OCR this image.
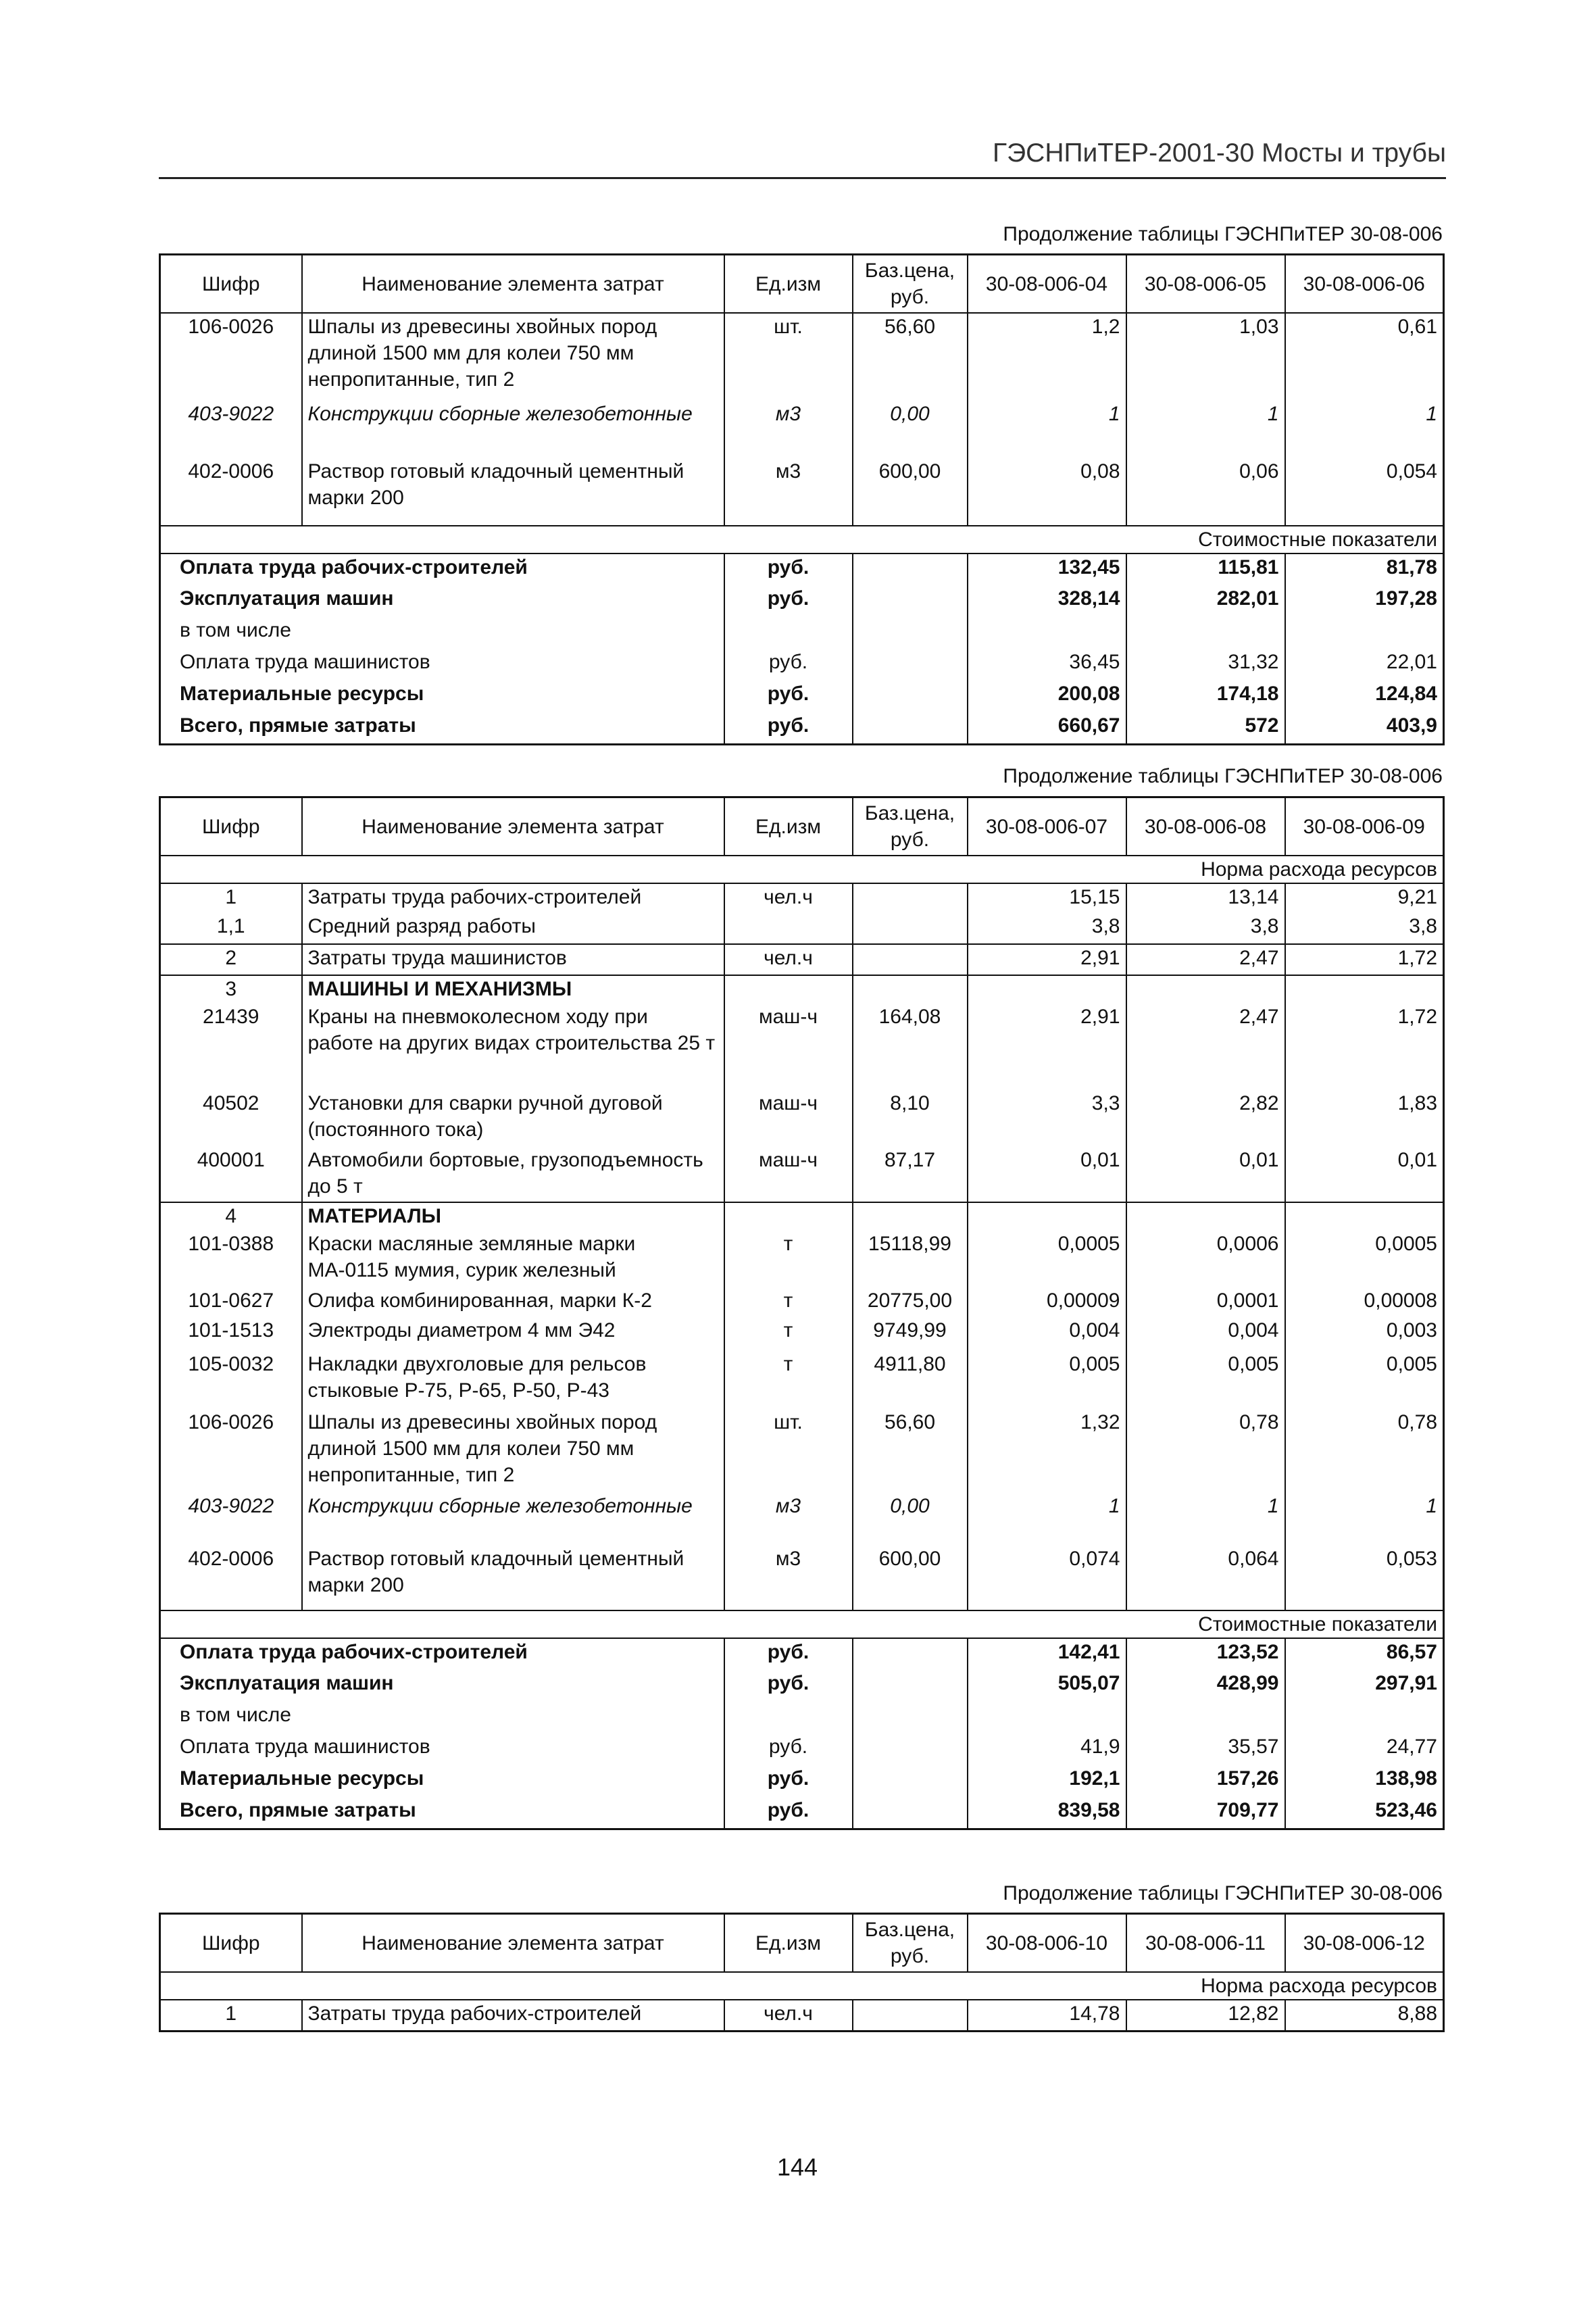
ГЭСНПиТЕР-2001-30 Мосты и трубы
Продолжение таблицы ГЭСНПиТЕР 30-08-006
Шифр	Наименование элемента затрат	Ед.изм	Баз.цена, руб.	30-08-006-04	30-08-006-05	30-08-006-06
106-0026	Шпалы из древесины хвойных пород длиной 1500 мм для колеи 750 мм непропитанные, тип 2	шт.	56,60	1,2	1,03	0,61
403-9022	Конструкции сборные железобетонные	м3	0,00	1	1	1
402-0006	Раствор готовый кладочный цементный марки 200	м3	600,00	0,08	0,06	0,054
Стоимостные показатели						
Оплата труда рабочих-строителей		руб.		132,45	115,81	81,78
Эксплуатация машин		руб.		328,14	282,01	197,28
в том числе						
Оплата труда машинистов		руб.		36,45	31,32	22,01
Материальные ресурсы		руб.		200,08	174,18	124,84
Всего, прямые затраты		руб.		660,67	572	403,9
Продолжение таблицы ГЭСНПиТЕР 30-08-006
Шифр	Наименование элемента затрат	Ед.изм	Баз.цена, руб.	30-08-006-07	30-08-006-08	30-08-006-09
Норма расхода ресурсов						
1	Затраты труда рабочих-строителей	чел.ч		15,15	13,14	9,21
1,1	Средний разряд работы			3,8	3,8	3,8
2	Затраты труда машинистов	чел.ч		2,91	2,47	1,72
3	МАШИНЫ И МЕХАНИЗМЫ					
21439	Краны на пневмоколесном ходу при работе на других видах строительства 25 т	маш-ч	164,08	2,91	2,47	1,72
40502	Установки для сварки ручной дуговой (постоянного тока)	маш-ч	8,10	3,3	2,82	1,83
400001	Автомобили бортовые, грузоподъемность до 5 т	маш-ч	87,17	0,01	0,01	0,01
4	МАТЕРИАЛЫ					
101-0388	Краски масляные земляные марки МА-0115 мумия, сурик железный	т	15118,99	0,0005	0,0006	0,0005
101-0627	Олифа комбинированная, марки К-2	т	20775,00	0,00009	0,0001	0,00008
101-1513	Электроды диаметром 4 мм Э42	т	9749,99	0,004	0,004	0,003
105-0032	Накладки двухголовые для рельсов стыковые Р-75, Р-65, Р-50, Р-43	т	4911,80	0,005	0,005	0,005
106-0026	Шпалы из древесины хвойных пород длиной 1500 мм для колеи 750 мм непропитанные, тип 2	шт.	56,60	1,32	0,78	0,78
403-9022	Конструкции сборные железобетонные	м3	0,00	1	1	1
402-0006	Раствор готовый кладочный цементный марки 200	м3	600,00	0,074	0,064	0,053
Стоимостные показатели						
Оплата труда рабочих-строителей		руб.		142,41	123,52	86,57
Эксплуатация машин		руб.		505,07	428,99	297,91
в том числе						
Оплата труда машинистов		руб.		41,9	35,57	24,77
Материальные ресурсы		руб.		192,1	157,26	138,98
Всего, прямые затраты		руб.		839,58	709,77	523,46
Продолжение таблицы ГЭСНПиТЕР 30-08-006
Шифр	Наименование элемента затрат	Ед.изм	Баз.цена, руб.	30-08-006-10	30-08-006-11	30-08-006-12
Норма расхода ресурсов						
1	Затраты труда рабочих-строителей	чел.ч		14,78	12,82	8,88
144
